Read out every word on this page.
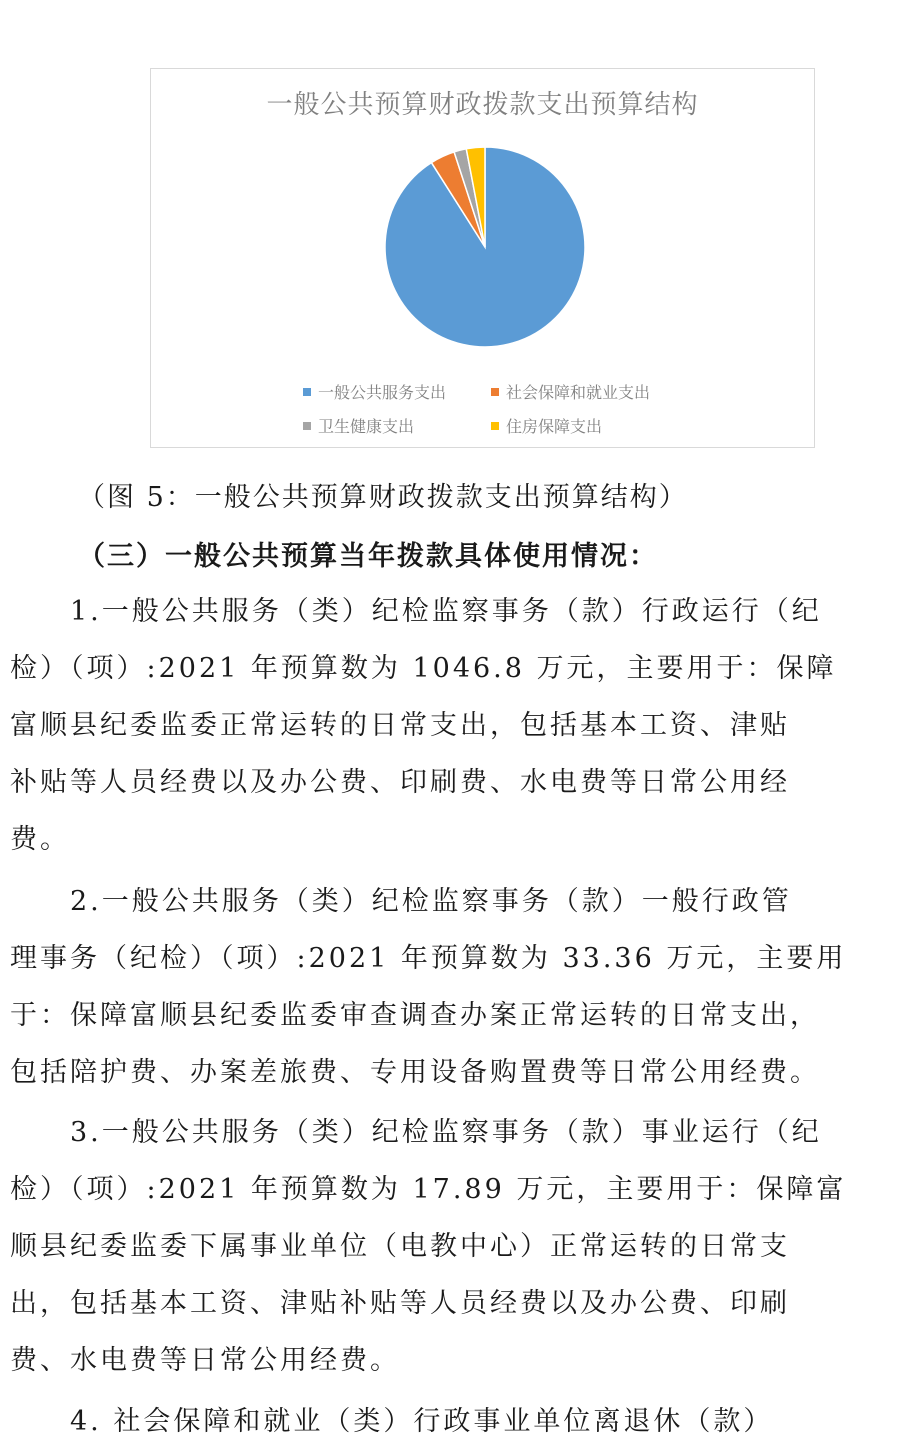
一般公共预算财政拨款支出预算结构
一般公共服务支出	社会保障和就业支出
卫生健康支出	住房保障支出
（图 5：一般公共预算财政拨款支出预算结构）
（三）一般公共预算当年拨款具体使用情况：
1.一般公共服务（类）纪检监察事务（款）行政运行（纪
检）（项）:2021 年预算数为 1046.8 万元，主要用于：保障
富顺县纪委监委正常运转的日常支出，包括基本工资、津贴
补贴等人员经费以及办公费、印刷费、水电费等日常公用经
费。
2.一般公共服务（类）纪检监察事务（款）一般行政管
理事务（纪检）（项）:2021 年预算数为 33.36 万元，主要用
于：保障富顺县纪委监委审查调查办案正常运转的日常支出，
包括陪护费、办案差旅费、专用设备购置费等日常公用经费。
3.一般公共服务（类）纪检监察事务（款）事业运行（纪
检）（项）:2021 年预算数为 17.89 万元，主要用于：保障富
顺县纪委监委下属事业单位（电教中心）正常运转的日常支
出，包括基本工资、津贴补贴等人员经费以及办公费、印刷
费、水电费等日常公用经费。
4. 社会保障和就业（类）行政事业单位离退休（款）
